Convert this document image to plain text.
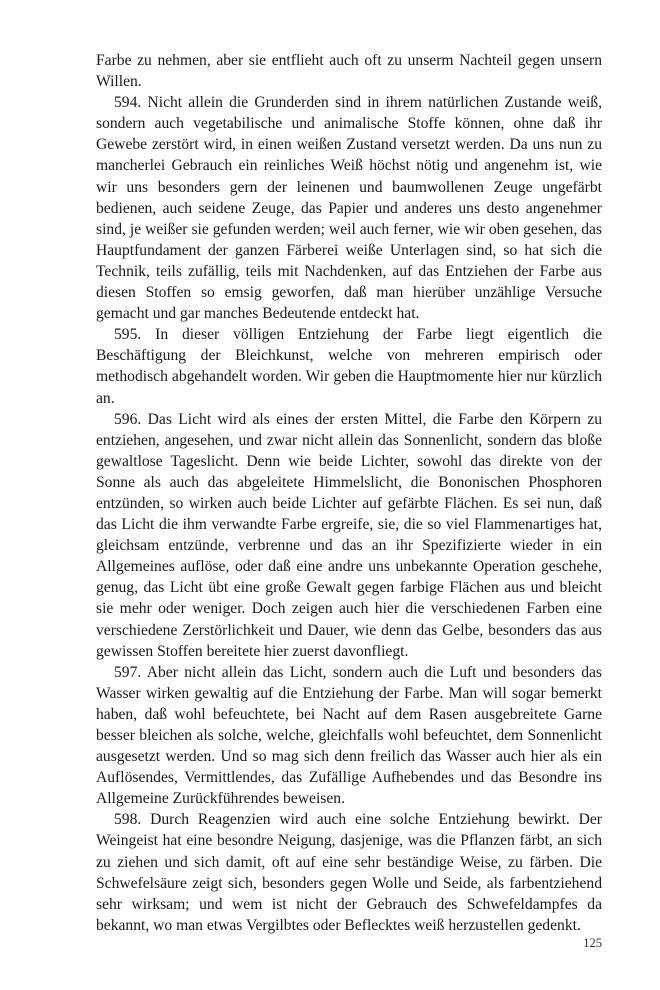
Farbe zu nehmen, aber sie entflieht auch oft zu unserm Nachteil gegen unsern Willen.

594. Nicht allein die Grunderden sind in ihrem natürlichen Zustande weiß, sondern auch vegetabilische und animalische Stoffe können, ohne daß ihr Gewebe zerstört wird, in einen weißen Zustand versetzt werden. Da uns nun zu mancherlei Gebrauch ein reinliches Weiß höchst nötig und angenehm ist, wie wir uns besonders gern der leinenen und baumwollenen Zeuge ungefärbt bedienen, auch seidene Zeuge, das Papier und anderes uns desto angenehmer sind, je weißer sie gefunden werden; weil auch ferner, wie wir oben gesehen, das Hauptfundament der ganzen Färberei weiße Unterlagen sind, so hat sich die Technik, teils zufällig, teils mit Nachdenken, auf das Entziehen der Farbe aus diesen Stoffen so emsig geworfen, daß man hierüber unzählige Versuche gemacht und gar manches Bedeutende entdeckt hat.

595. In dieser völligen Entziehung der Farbe liegt eigentlich die Beschäftigung der Bleichkunst, welche von mehreren empirisch oder methodisch abgehandelt worden. Wir geben die Hauptmomente hier nur kürzlich an.

596. Das Licht wird als eines der ersten Mittel, die Farbe den Körpern zu entziehen, angesehen, und zwar nicht allein das Sonnenlicht, sondern das bloße gewaltlose Tageslicht. Denn wie beide Lichter, sowohl das direkte von der Sonne als auch das abgeleitete Himmelslicht, die Bononischen Phosphoren entzünden, so wirken auch beide Lichter auf gefärbte Flächen. Es sei nun, daß das Licht die ihm verwandte Farbe ergreife, sie, die so viel Flammenartiges hat, gleichsam entzünde, verbrenne und das an ihr Spezifizierte wieder in ein Allgemeines auflöse, oder daß eine andre uns unbekannte Operation geschehe, genug, das Licht übt eine große Gewalt gegen farbige Flächen aus und bleicht sie mehr oder weniger. Doch zeigen auch hier die verschiedenen Farben eine verschiedene Zerstörlichkeit und Dauer, wie denn das Gelbe, besonders das aus gewissen Stoffen bereitete hier zuerst davonfliegt.

597. Aber nicht allein das Licht, sondern auch die Luft und besonders das Wasser wirken gewaltig auf die Entziehung der Farbe. Man will sogar bemerkt haben, daß wohl befeuchtete, bei Nacht auf dem Rasen ausgebreitete Garne besser bleichen als solche, welche, gleichfalls wohl befeuchtet, dem Sonnenlicht ausgesetzt werden. Und so mag sich denn freilich das Wasser auch hier als ein Auflösendes, Vermittlendes, das Zufällige Aufhebendes und das Besondre ins Allgemeine Zurückführendes beweisen.

598. Durch Reagenzien wird auch eine solche Entziehung bewirkt. Der Weingeist hat eine besondre Neigung, dasjenige, was die Pflanzen färbt, an sich zu ziehen und sich damit, oft auf eine sehr beständige Weise, zu färben. Die Schwefelsäure zeigt sich, besonders gegen Wolle und Seide, als farbentziehend sehr wirksam; und wem ist nicht der Gebrauch des Schwefeldampfes da bekannt, wo man etwas Vergilbtes oder Beflecktes weiß herzustellen gedenkt.

125
